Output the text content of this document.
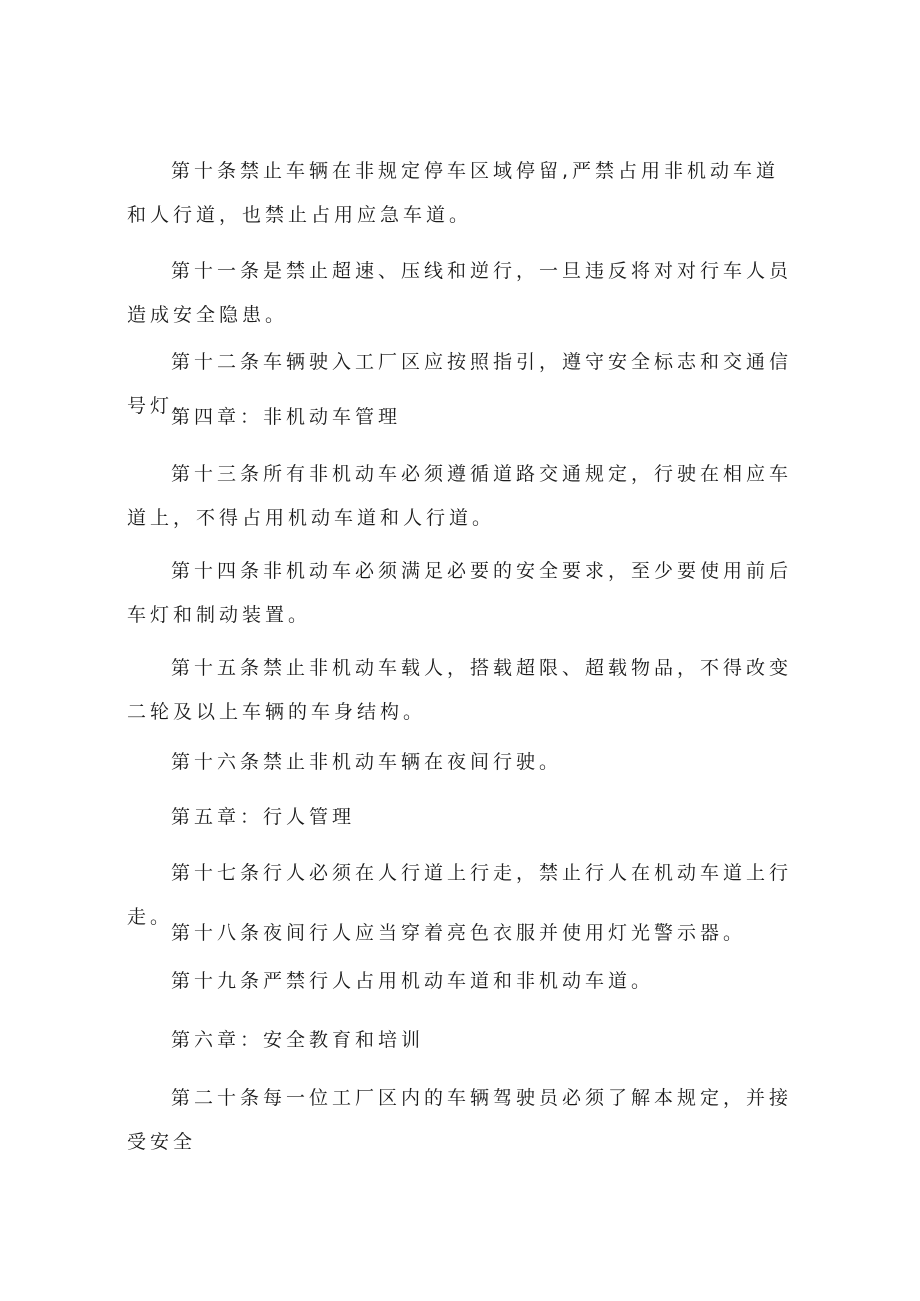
第十条禁止车辆在非规定停车区域停留,严禁占用非机动车道和人行道，也禁止占用应急车道。

第十一条是禁止超速、压线和逆行，一旦违反将对对行车人员造成安全隐患。

第十二条车辆驶入工厂区应按照指引，遵守安全标志和交通信号灯。

第四章：非机动车管理

第十三条所有非机动车必须遵循道路交通规定，行驶在相应车道上，不得占用机动车道和人行道。

第十四条非机动车必须满足必要的安全要求，至少要使用前后车灯和制动装置。

第十五条禁止非机动车载人，搭载超限、超载物品，不得改变二轮及以上车辆的车身结构。

第十六条禁止非机动车辆在夜间行驶。

第五章：行人管理

第十七条行人必须在人行道上行走，禁止行人在机动车道上行走。

第十八条夜间行人应当穿着亮色衣服并使用灯光警示器。

第十九条严禁行人占用机动车道和非机动车道。

第六章：安全教育和培训

第二十条每一位工厂区内的车辆驾驶员必须了解本规定，并接受安全
